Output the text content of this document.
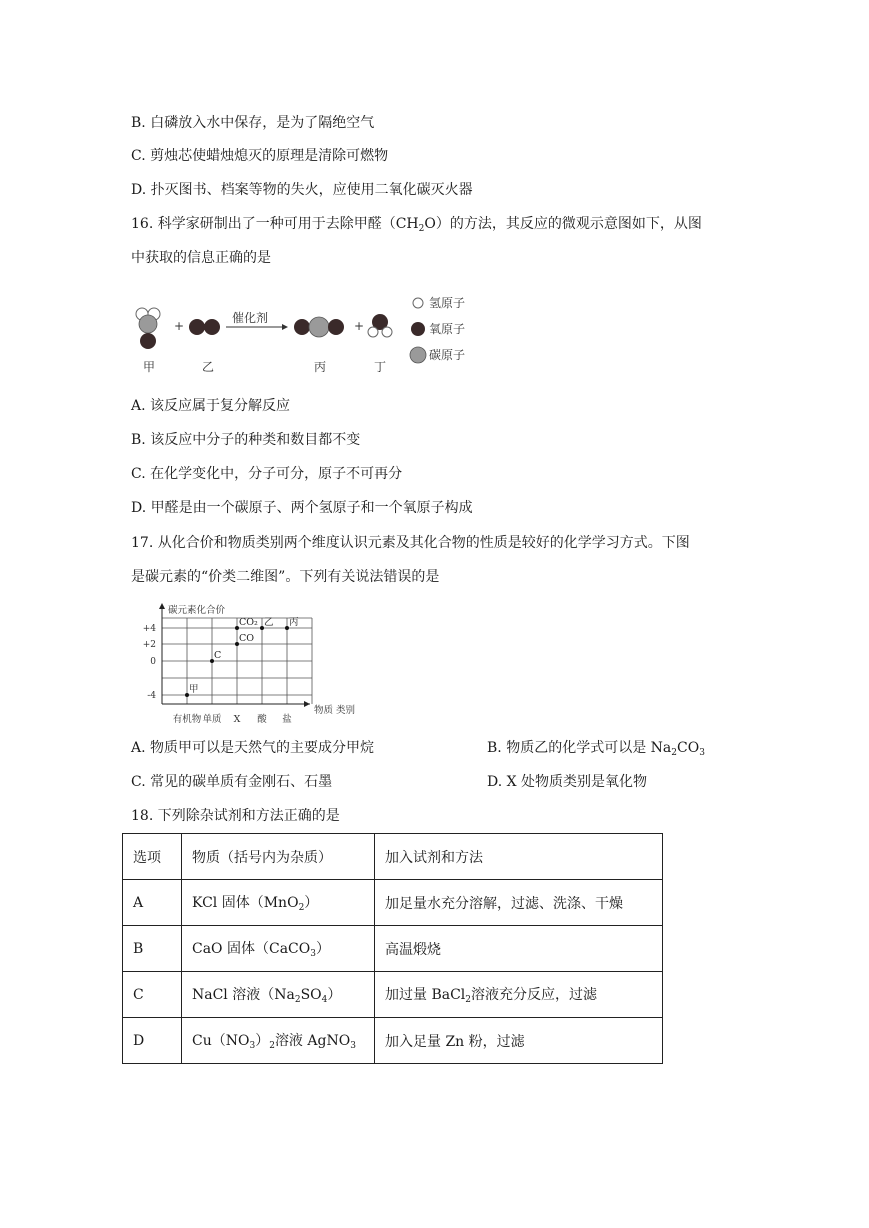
B. 白磷放入水中保存，是为了隔绝空气
C. 剪烛芯使蜡烛熄灭的原理是清除可燃物
D. 扑灭图书、档案等物的失火，应使用二氧化碳灭火器
16. 科学家研制出了一种可用于去除甲醛$(CH_2O)$的方法，其反应的微观示意图如下，从图
中获取的信息正确的是
+
催化剂
+
甲	乙	丙	丁
氢原子
氧原子
碳原子
A. 该反应属于复分解反应
B. 该反应中分子的种类和数目都不变
C. 在化学变化中，分子可分，原子不可再分
D. 甲醛是由一个碳原子、两个氢原子和一个氧原子构成
17. 从化合价和物质类别两个维度认识元素及其化合物的性质是较好的化学学习方式。下图
是碳元素的“价类二维图”。下列有关说法错误的是
+4
+2
0
-4
有机物 单质 X 酸 盐
甲
C
CO
CO₂ 乙 丙
碳元素化合价
物质 类别
A. 物质甲可以是天然气的主要成分甲烷	B. 物质乙的化学式可以是 $Na_2CO_3$
C. 常见的碳单质有金刚石、石墨	D. X 处物质类别是氧化物
18. 下列除杂试剂和方法正确的是
选项	物质（括号内为杂质）	加入试剂和方法
A	KCl 固体（MnO$_2$）	加足量水充分溶解，过滤、洗涤、干燥
B	CaO 固体（CaCO$_3$）	高温煅烧
C	NaCl 溶液$(Na_2SO_4)$	加过量 BaCl$_2$溶液充分反应，过滤
D	$Cu(NO_3)_2$溶液 AgNO$_3$	加入足量 Zn 粉，过滤
